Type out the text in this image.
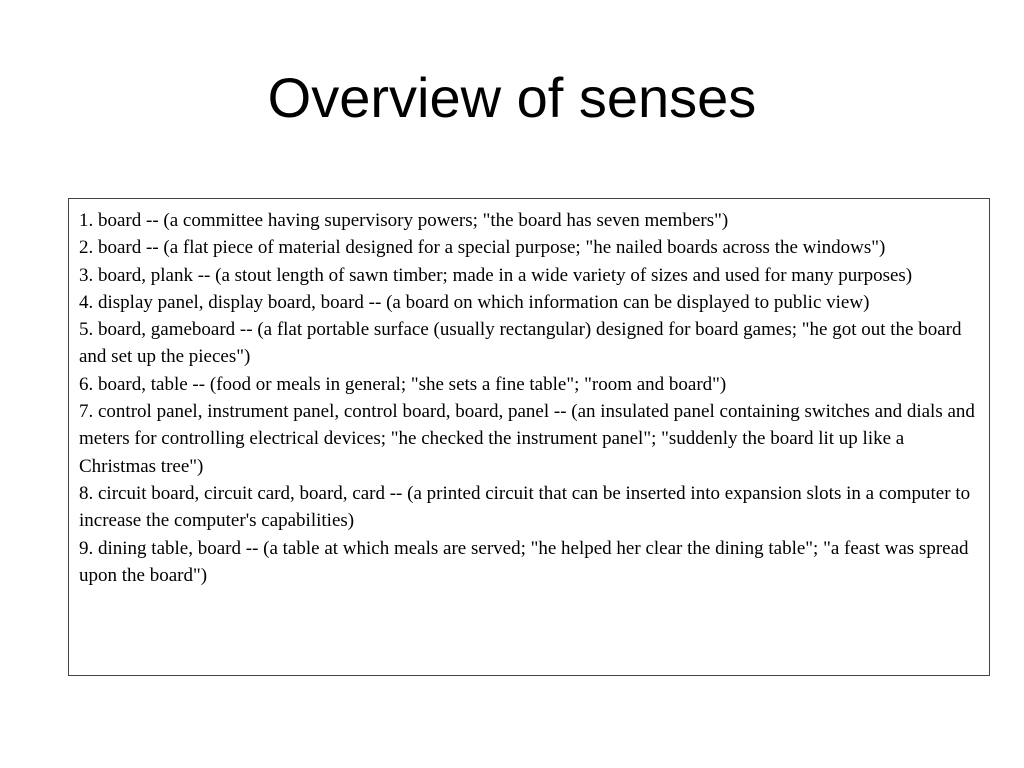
Overview of senses
1. board -- (a committee having supervisory powers; "the board has seven members")
2. board -- (a flat piece of material designed for a special purpose; "he nailed boards across the windows")
3. board, plank -- (a stout length of sawn timber; made in a wide variety of sizes and used for many purposes)
4. display panel, display board, board -- (a board on which information can be displayed to public view)
5. board, gameboard -- (a flat portable surface (usually rectangular) designed for board games; "he got out the board and set up the pieces")
6. board, table -- (food or meals in general; "she sets a fine table"; "room and board")
7. control panel, instrument panel, control board, board, panel -- (an insulated panel containing switches and dials and meters for controlling electrical devices; "he checked the instrument panel"; "suddenly the board lit up like a Christmas tree")
8. circuit board, circuit card, board, card -- (a printed circuit that can be inserted into expansion slots in a computer to increase the computer's capabilities)
9. dining table, board -- (a table at which meals are served; "he helped her clear the dining table"; "a feast was spread upon the board")
